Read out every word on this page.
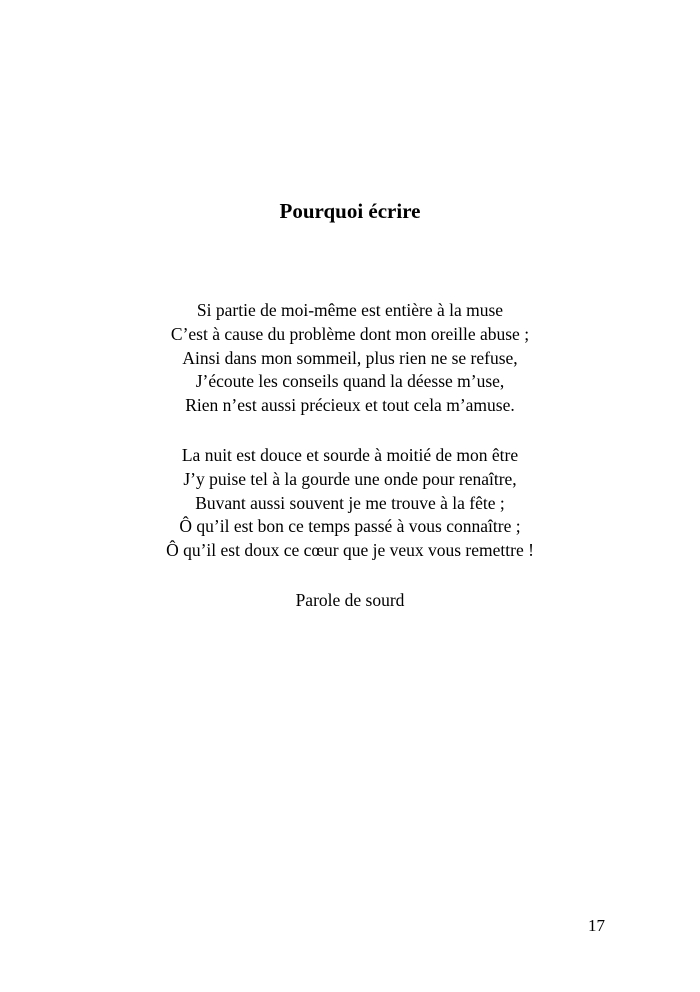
Pourquoi écrire
Si partie de moi-même est entière à la muse
C’est à cause du problème dont mon oreille abuse ;
Ainsi dans mon sommeil, plus rien ne se refuse,
J’écoute les conseils quand la déesse m’use,
Rien n’est aussi précieux et tout cela m’amuse.
La nuit est douce et sourde à moitié de mon être
J’y puise tel à la gourde une onde pour renaître,
Buvant aussi souvent je me trouve à la fête ;
Ô qu’il est bon ce temps passé à vous connaître ;
Ô qu’il est doux ce cœur que je veux vous remettre !
Parole de sourd
17
